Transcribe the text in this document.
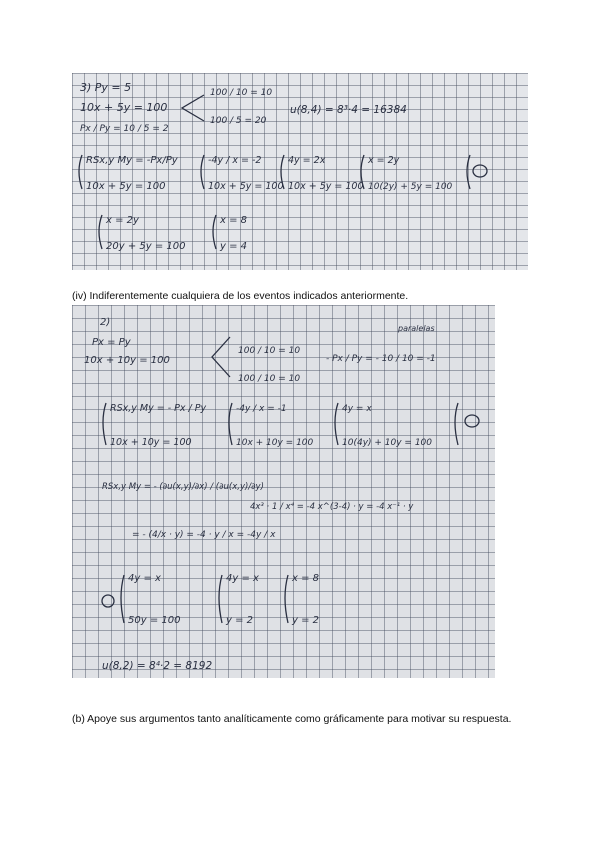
3) Py = 5
10x + 5y = 100
Px / Py = 10 / 5 = 2
100 / 10 = 10
100 / 5 = 20
u(8,4) = 8³·4 = 16384
RSx,y My = -Px/Py
10x + 5y = 100
-4y / x = -2
10x + 5y = 100
4y = 2x
10x + 5y = 100
x = 2y
10(2y) + 5y = 100
x = 2y
20y + 5y = 100
x = 8
y = 4
(iv) Indiferentemente cualquiera de los eventos indicados anteriormente.
2)
Px = Py
10x + 10y = 100
100 / 10 = 10
100 / 10 = 10
- Px / Py = - 10 / 10 = -1
paralelas
RSx,y My = - Px / Py
10x + 10y = 100
-4y / x = -1
10x + 10y = 100
4y = x
10(4y) + 10y = 100
RSx,y My = - (∂u(x,y)/∂x) / (∂u(x,y)/∂y)
4x³ · 1 / x⁴ = -4 x^(3-4) · y = -4 x⁻¹ · y
= - (4/x · y) = -4 · y / x = -4y / x
4y = x
50y = 100
4y = x
y = 2
x = 8
y = 2
u(8,2) = 8⁴·2 = 8192
(b) Apoye sus argumentos tanto analíticamente como gráficamente para motivar su respuesta.
